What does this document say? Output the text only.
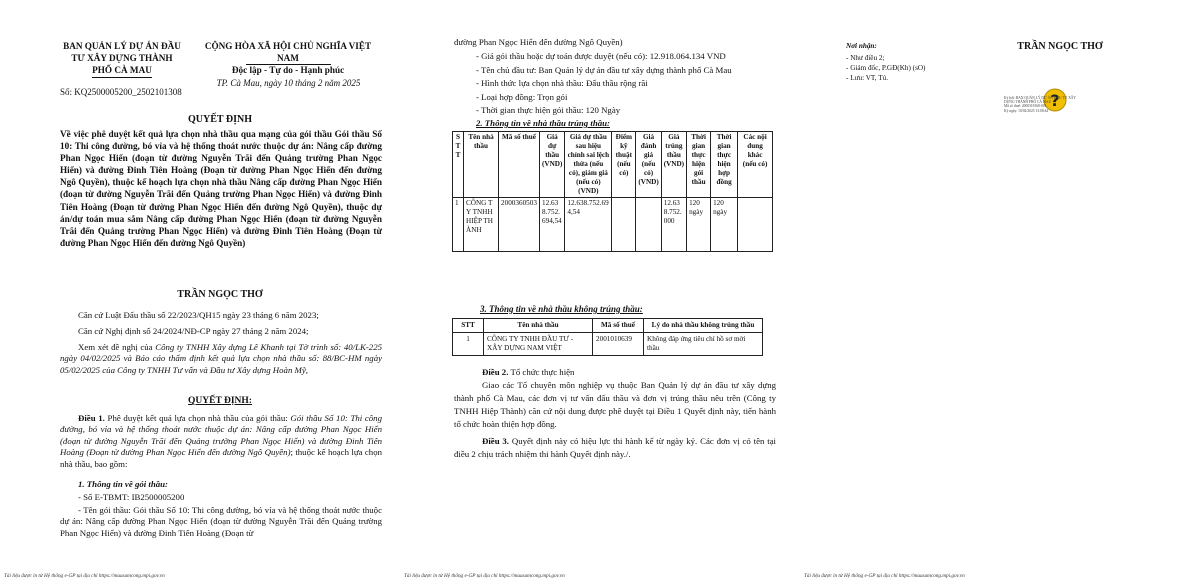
BAN QUẢN LÝ DỰ ÁN ĐẦU
TƯ XÂY DỰNG THÀNH
PHỐ CÀ MAU
Số: KQ2500005200_2502101308
CỘNG HÒA XÃ HỘI CHỦ NGHĨA VIỆT NAM
Độc lập - Tự do - Hạnh phúc
TP. Cà Mau, ngày 10 tháng 2 năm 2025
QUYẾT ĐỊNH
Về việc phê duyệt kết quả lựa chọn nhà thầu qua mạng của gói thầu Gói thầu Số 10: Thi công đường, bó vỉa và hệ thống thoát nước thuộc dự án: Nâng cấp đường Phan Ngọc Hiển (đoạn từ đường Nguyễn Trãi đến Quảng trường Phan Ngọc Hiển) và đường Đinh Tiên Hoàng (Đoạn từ đường Phan Ngọc Hiển đến đường Ngô Quyền), thuộc kế hoạch lựa chọn nhà thầu Nâng cấp đường Phan Ngọc Hiển (đoạn từ đường Nguyễn Trãi đến Quảng trường Phan Ngọc Hiển) và đường Đinh Tiên Hoàng (Đoạn từ đường Phan Ngọc Hiển đến đường Ngô Quyền), thuộc dự án/dự toán mua sắm Nâng cấp đường Phan Ngọc Hiển (đoạn từ đường Nguyễn Trãi đến Quảng trường Phan Ngọc Hiển) và đường Đinh Tiên Hoàng (Đoạn từ đường Phan Ngọc Hiển đến đường Ngô Quyền)
TRẦN NGỌC THƠ
Căn cứ Luật Đấu thầu số 22/2023/QH15 ngày 23 tháng 6 năm 2023;
Căn cứ Nghị định số 24/2024/NĐ-CP ngày 27 tháng 2 năm 2024;
Xem xét đề nghị của Công ty TNHH Xây dựng Lê Khanh tại Tờ trình số: 40/LK-225 ngày 04/02/2025 và Báo cáo thẩm định kết quả lựa chọn nhà thầu số: 88/BC-HM ngày 05/02/2025 của Công ty TNHH Tư vấn và Đầu tư Xây dựng Hoàn Mỹ,
QUYẾT ĐỊNH:
Điều 1. Phê duyệt kết quả lựa chọn nhà thầu của gói thầu: Gói thầu Số 10: Thi công đường, bó vỉa và hệ thống thoát nước thuộc dự án: Nâng cấp đường Phan Ngọc Hiển (đoạn từ đường Nguyễn Trãi đến Quảng trường Phan Ngọc Hiển) và đường Đinh Tiên Hoàng (Đoạn từ đường Phan Ngọc Hiển đến đường Ngô Quyền); thuộc kế hoạch lựa chọn nhà thầu, bao gồm:
1. Thông tin về gói thầu:
- Số E-TBMT: IB2500005200
- Tên gói thầu: Gói thầu Số 10: Thi công đường, bó vỉa và hệ thống thoát nước thuộc dự án: Nâng cấp đường Phan Ngọc Hiển (đoạn từ đường Nguyễn Trãi đến Quảng trường Phan Ngọc Hiển) và đường Đinh Tiên Hoàng (Đoạn từ
Tài liệu được in từ Hệ thống e-GP tại địa chỉ https://muasamcong.mpi.gov.vn
đường Phan Ngọc Hiển đến đường Ngô Quyền)
- Giá gói thầu hoặc dự toán được duyệt (nếu có): 12.918.064.134 VND
- Tên chủ đầu tư: Ban Quản lý dự án đầu tư xây dựng thành phố Cà Mau
- Hình thức lựa chọn nhà thầu: Đấu thầu rộng rãi
- Loại hợp đồng: Trọn gói
- Thời gian thực hiện gói thầu: 120 Ngày
2. Thông tin về nhà thầu trúng thầu:
S T T	Tên nhà thầu	Mã số thuế	Giá dự thầu (VND)	Giá dự thầu sau hiệu chỉnh sai lệch thừa (nếu có), giảm giá (nếu có) (VND)	Điểm kỹ thuật (nếu có)	Giá đánh giá (nếu có) (VND)	Giá trúng thầu (VND)	Thời gian thực hiện gói thầu	Thời gian thực hiện hợp đồng	Các nội dung khác (nếu có)
1	CÔNG TY TNHH HIỆP THÀNH	2000360503	12.638.752.694,54	12.638.752.694,54			12.638.752.000	120 ngày	120 ngày	
3. Thông tin về nhà thầu không trúng thầu:
STT	Tên nhà thầu	Mã số thuế	Lý do nhà thầu không trúng thầu
1	CÔNG TY TNHH ĐẦU TƯ - XÂY DỰNG NAM VIỆT	2001010639	Không đáp ứng tiêu chí hồ sơ mời thầu
Điều 2. Tổ chức thực hiện
Giao các Tổ chuyên môn nghiệp vụ thuộc Ban Quản lý dự án đầu tư xây dựng thành phố Cà Mau, các đơn vị tư vấn đấu thầu và đơn vị trúng thầu nêu trên (Công ty TNHH Hiệp Thành) căn cứ nội dung được phê duyệt tại Điều 1 Quyết định này, tiến hành tổ chức hoàn thiện hợp đồng.
Điều 3. Quyết định này có hiệu lực thi hành kể từ ngày ký. Các đơn vị có tên tại điều 2 chịu trách nhiệm thi hành Quyết định này./.
Tài liệu được in từ Hệ thống e-GP tại địa chỉ https://muasamcong.mpi.gov.vn
Nơi nhận:
- Như điều 2;
- Giám đốc, P.GĐ(Kh) (sO)
- Lưu: VT, Tú.
TRẦN NGỌC THƠ
?
Ký bởi: BAN QUẢN LÝ DỰ ÁN ĐẦU TƯ XÂY
DỰNG THÀNH PHỐ CÀ MAU
Mã số thuế: 2000318168-001
Ký ngày: 10/02/2025 13:08:44
Tài liệu được in từ Hệ thống e-GP tại địa chỉ https://muasamcong.mpi.gov.vn
